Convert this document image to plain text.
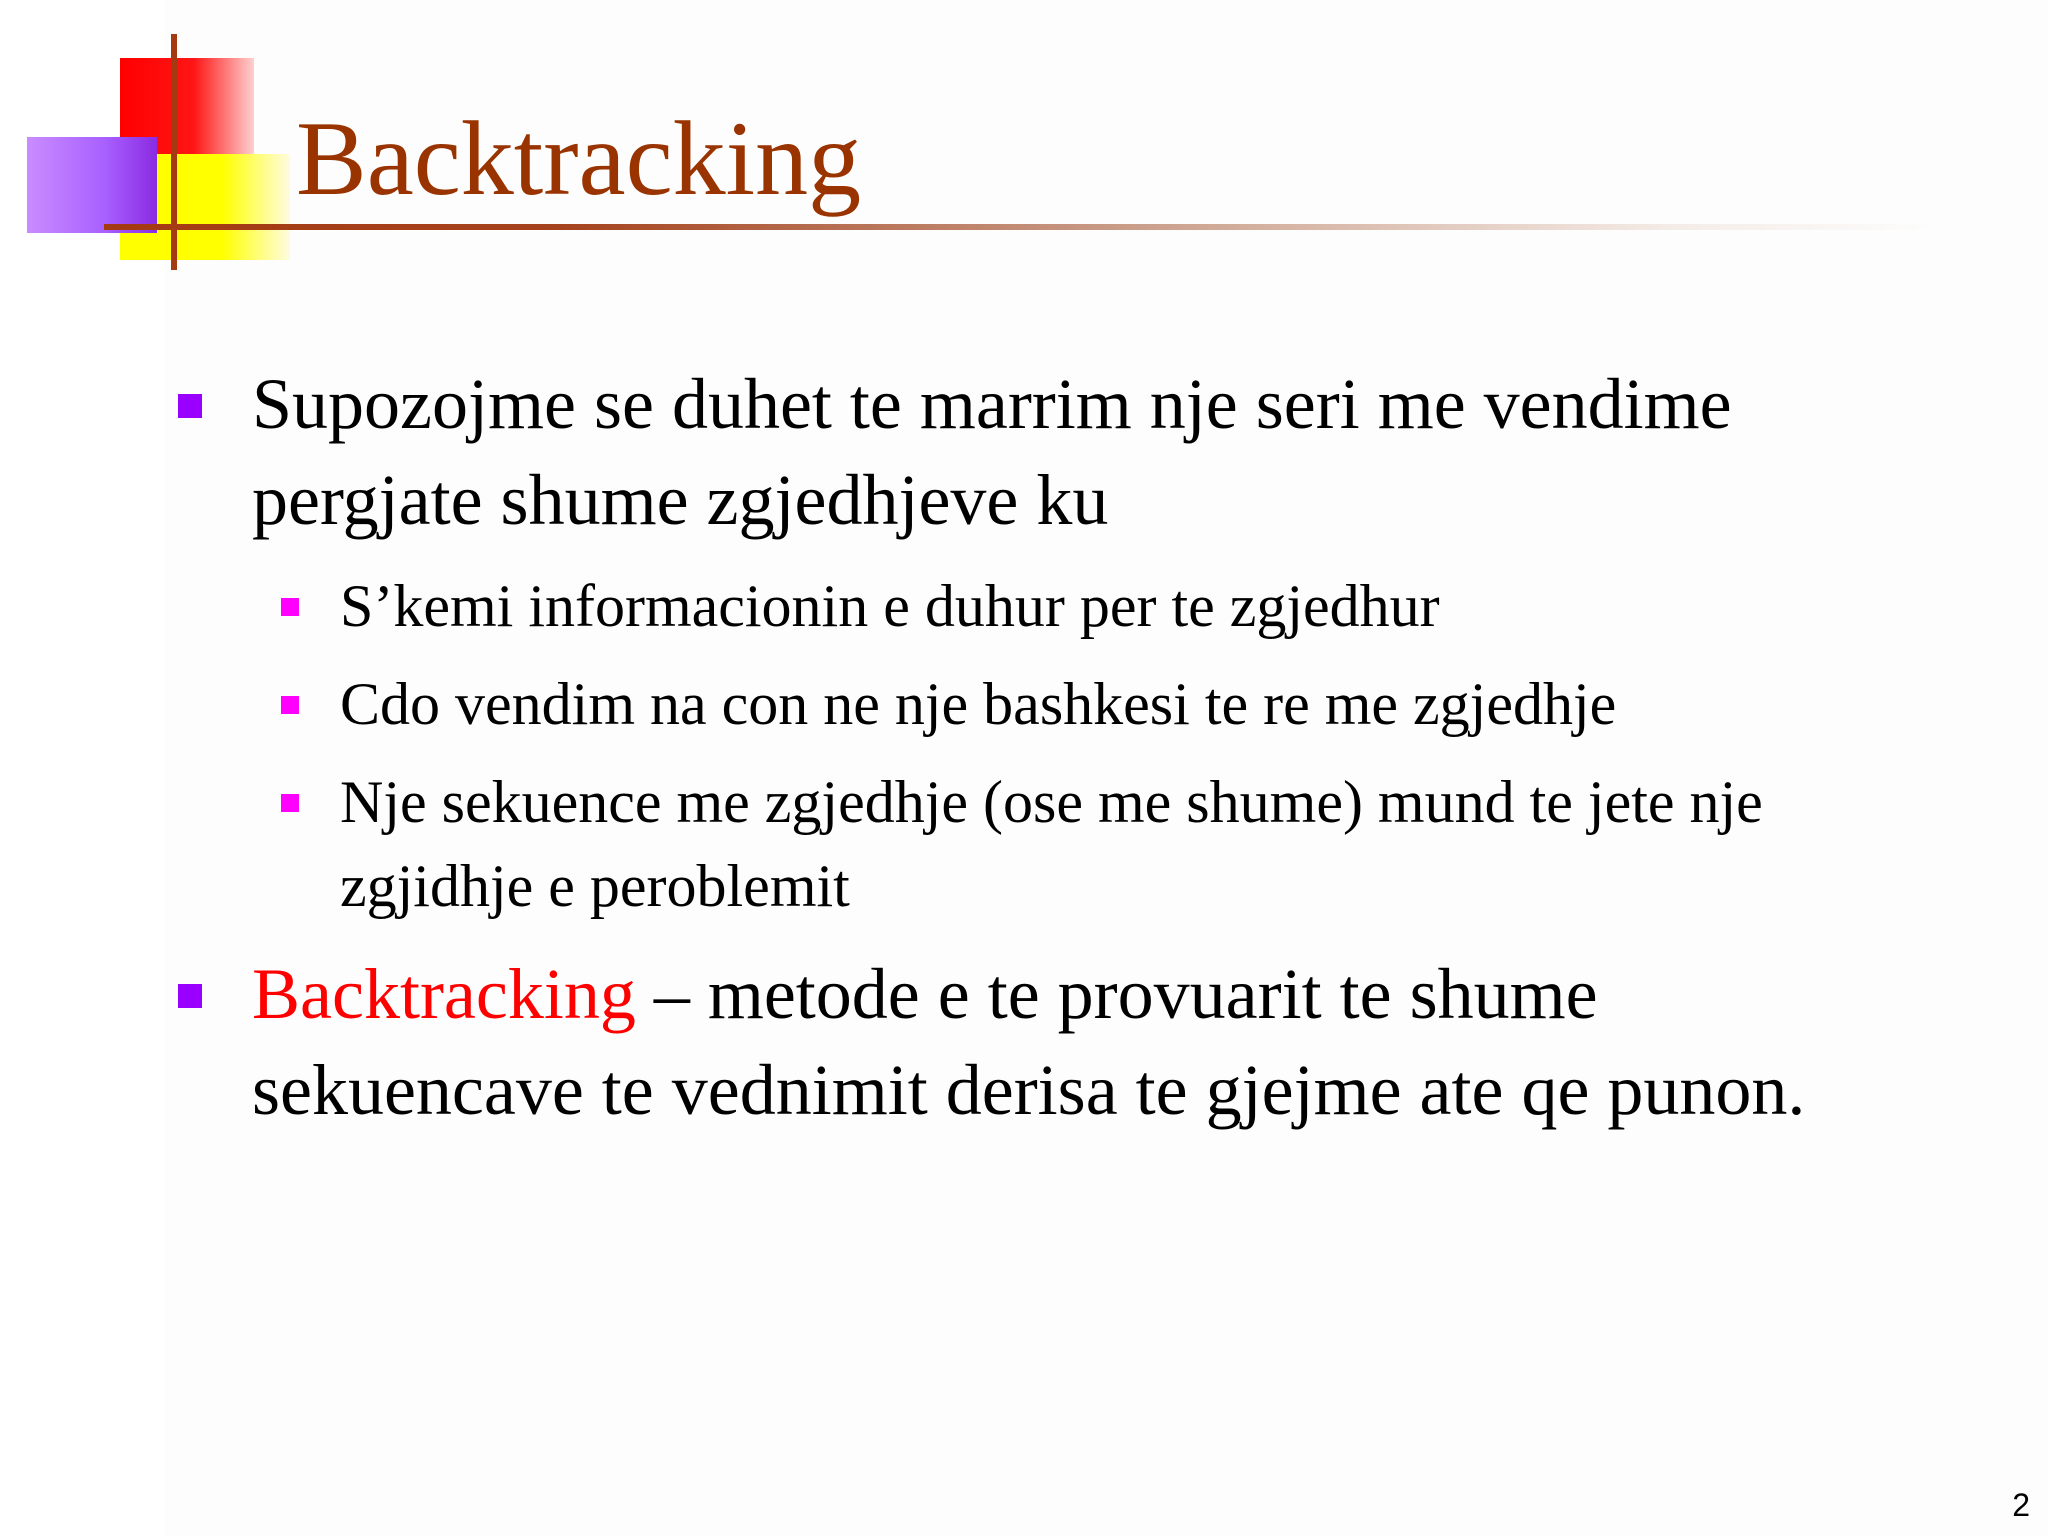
Backtracking
Supozojme se duhet te marrim nje seri me vendime pergjate shume zgjedhjeve ku
S’kemi informacionin e duhur per te zgjedhur
Cdo vendim na con ne nje bashkesi te re me zgjedhje
Nje sekuence me zgjedhje (ose me shume) mund te jete nje zgjidhje e peroblemit
Backtracking – metode e te provuarit te shume sekuencave te vednimit derisa te gjejme ate qe punon.
2
